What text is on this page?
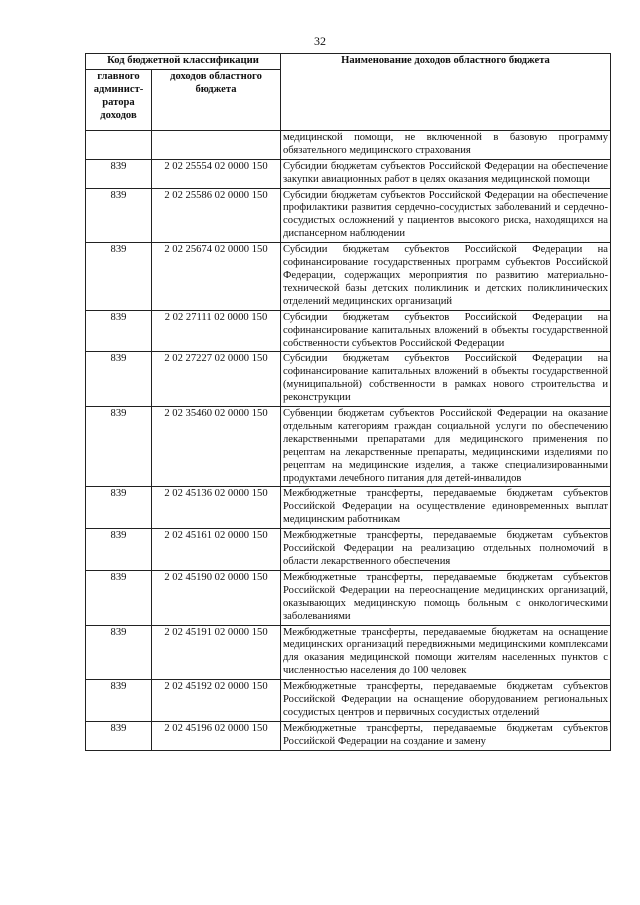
32
Код бюджетной классификации		Наименование доходов областного бюджета
главного админист-ратора доходов	доходов областного бюджета	
		медицинской помощи, не включенной в базовую программу обязательного медицинского страхования
839	2 02 25554 02 0000 150	Субсидии бюджетам субъектов Российской Федерации на обеспечение закупки авиационных работ в целях оказания медицинской помощи
839	2 02 25586 02 0000 150	Субсидии бюджетам субъектов Российской Федерации на обеспечение профилактики развития сердечно-сосудистых заболеваний и сердечно-сосудистых осложнений у пациентов высокого риска, находящихся на диспансерном наблюдении
839	2 02 25674 02 0000 150	Субсидии бюджетам субъектов Российской Федерации на софинансирование государственных программ субъектов Российской Федерации, содержащих мероприятия по развитию материально-технической базы детских поликлиник и детских поликлинических отделений медицинских организаций
839	2 02 27111 02 0000 150	Субсидии бюджетам субъектов Российской Федерации на софинансирование капитальных вложений в объекты государственной собственности субъектов Российской Федерации
839	2 02 27227 02 0000 150	Субсидии бюджетам субъектов Российской Федерации на софинансирование капитальных вложений в объекты государственной (муниципальной) собственности в рамках нового строительства и реконструкции
839	2 02 35460 02 0000 150	Субвенции бюджетам субъектов Российской Федерации на оказание отдельным категориям граждан социальной услуги по обеспечению лекарственными препаратами для медицинского применения по рецептам на лекарственные препараты, медицинскими изделиями по рецептам на медицинские изделия, а также специализированными продуктами лечебного питания для детей-инвалидов
839	2 02 45136 02 0000 150	Межбюджетные трансферты, передаваемые бюджетам субъектов Российской Федерации на осуществление единовременных выплат медицинским работникам
839	2 02 45161 02 0000 150	Межбюджетные трансферты, передаваемые бюджетам субъектов Российской Федерации на реализацию отдельных полномочий в области лекарственного обеспечения
839	2 02 45190 02 0000 150	Межбюджетные трансферты, передаваемые бюджетам субъектов Российской Федерации на переоснащение медицинских организаций, оказывающих медицинскую помощь больным с онкологическими заболеваниями
839	2 02 45191 02 0000 150	Межбюджетные трансферты, передаваемые бюджетам на оснащение медицинских организаций передвижными медицинскими комплексами для оказания медицинской помощи жителям населенных пунктов с численностью населения до 100 человек
839	2 02 45192 02 0000 150	Межбюджетные трансферты, передаваемые бюджетам субъектов Российской Федерации на оснащение оборудованием региональных сосудистых центров и первичных сосудистых отделений
839	2 02 45196 02 0000 150	Межбюджетные трансферты, передаваемые бюджетам субъектов Российской Федерации на создание и замену
